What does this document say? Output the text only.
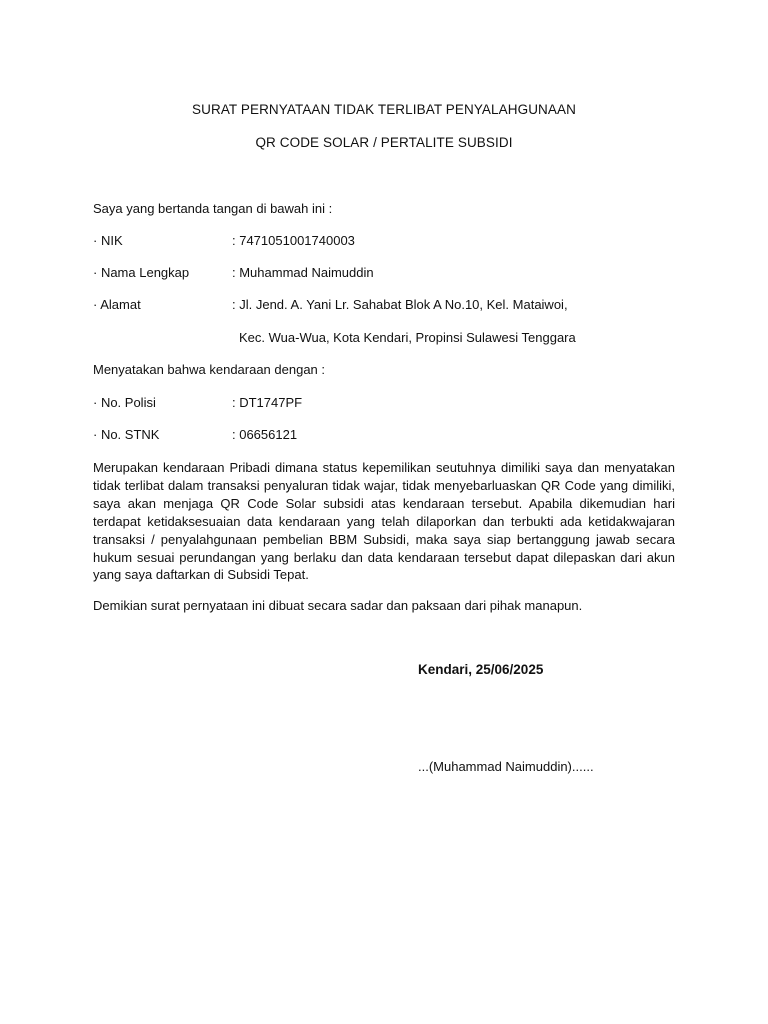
SURAT PERNYATAAN TIDAK TERLIBAT PENYALAHGUNAAN
QR CODE SOLAR / PERTALITE SUBSIDI
Saya yang bertanda tangan di bawah ini :
· NIK	: 7471051001740003
· Nama Lengkap	: Muhammad Naimuddin
· Alamat	: Jl. Jend. A. Yani Lr. Sahabat Blok A No.10, Kel. Mataiwoi,
Kec. Wua-Wua, Kota Kendari, Propinsi Sulawesi Tenggara
Menyatakan bahwa kendaraan dengan :
· No. Polisi	: DT1747PF
· No. STNK	: 06656121
Merupakan kendaraan Pribadi dimana status kepemilikan seutuhnya dimiliki saya dan menyatakan tidak terlibat dalam transaksi penyaluran tidak wajar, tidak menyebarluaskan QR Code yang dimiliki, saya akan menjaga QR Code Solar subsidi atas kendaraan tersebut. Apabila dikemudian hari terdapat ketidaksesuaian data kendaraan yang telah dilaporkan dan terbukti ada ketidakwajaran transaksi / penyalahgunaan pembelian BBM Subsidi, maka saya siap bertanggung jawab secara hukum sesuai perundangan yang berlaku dan data kendaraan tersebut dapat dilepaskan dari akun yang saya daftarkan di Subsidi Tepat.
Demikian surat pernyataan ini dibuat secara sadar dan paksaan dari pihak manapun.
Kendari, 25/06/2025
...(Muhammad Naimuddin)......
